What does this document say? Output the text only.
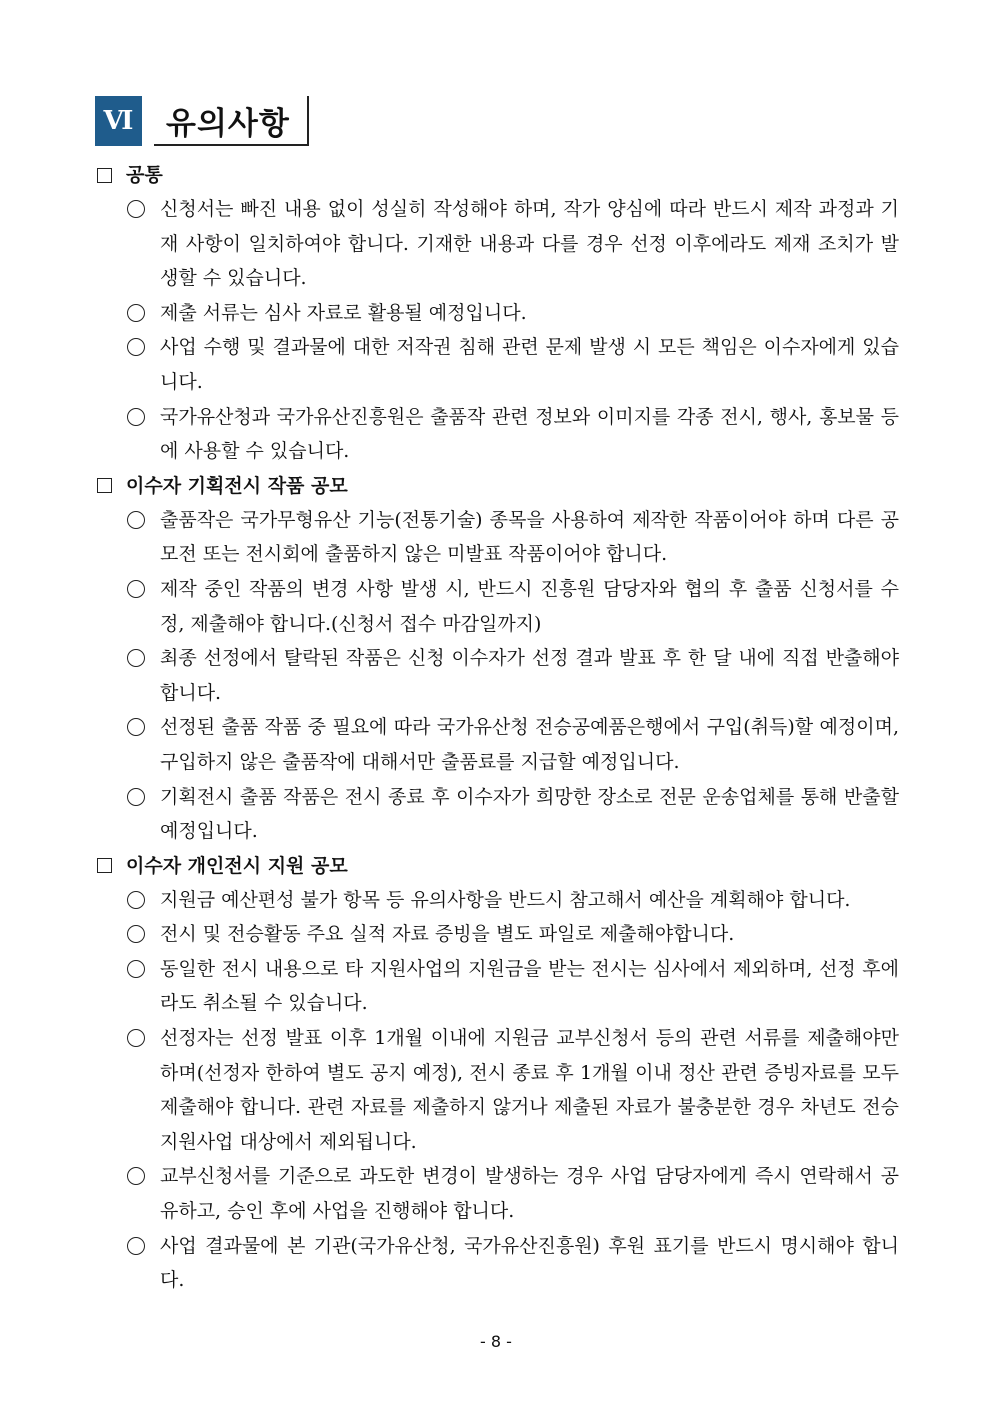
Ⅵ 유의사항
공통
신청서는 빠진 내용 없이 성실히 작성해야 하며, 작가 양심에 따라 반드시 제작 과정과 기재 사항이 일치하여야 합니다. 기재한 내용과 다를 경우 선정 이후에라도 제재 조치가 발생할 수 있습니다.
제출 서류는 심사 자료로 활용될 예정입니다.
사업 수행 및 결과물에 대한 저작권 침해 관련 문제 발생 시 모든 책임은 이수자에게 있습니다.
국가유산청과 국가유산진흥원은 출품작 관련 정보와 이미지를 각종 전시, 행사, 홍보물 등에 사용할 수 있습니다.
이수자 기획전시 작품 공모
출품작은 국가무형유산 기능(전통기술) 종목을 사용하여 제작한 작품이어야 하며 다른 공모전 또는 전시회에 출품하지 않은 미발표 작품이어야 합니다.
제작 중인 작품의 변경 사항 발생 시, 반드시 진흥원 담당자와 협의 후 출품 신청서를 수정, 제출해야 합니다.(신청서 접수 마감일까지)
최종 선정에서 탈락된 작품은 신청 이수자가 선정 결과 발표 후 한 달 내에 직접 반출해야 합니다.
선정된 출품 작품 중 필요에 따라 국가유산청 전승공예품은행에서 구입(취득)할 예정이며, 구입하지 않은 출품작에 대해서만 출품료를 지급할 예정입니다.
기획전시 출품 작품은 전시 종료 후 이수자가 희망한 장소로 전문 운송업체를 통해 반출할 예정입니다.
이수자 개인전시 지원 공모
지원금 예산편성 불가 항목 등 유의사항을 반드시 참고해서 예산을 계획해야 합니다.
전시 및 전승활동 주요 실적 자료 증빙을 별도 파일로 제출해야합니다.
동일한 전시 내용으로 타 지원사업의 지원금을 받는 전시는 심사에서 제외하며, 선정 후에라도 취소될 수 있습니다.
선정자는 선정 발표 이후 1개월 이내에 지원금 교부신청서 등의 관련 서류를 제출해야만 하며(선정자 한하여 별도 공지 예정), 전시 종료 후 1개월 이내 정산 관련 증빙자료를 모두 제출해야 합니다. 관련 자료를 제출하지 않거나 제출된 자료가 불충분한 경우 차년도 전승 지원사업 대상에서 제외됩니다.
교부신청서를 기준으로 과도한 변경이 발생하는 경우 사업 담당자에게 즉시 연락해서 공유하고, 승인 후에 사업을 진행해야 합니다.
사업 결과물에 본 기관(국가유산청, 국가유산진흥원) 후원 표기를 반드시 명시해야 합니다.
- 8 -
